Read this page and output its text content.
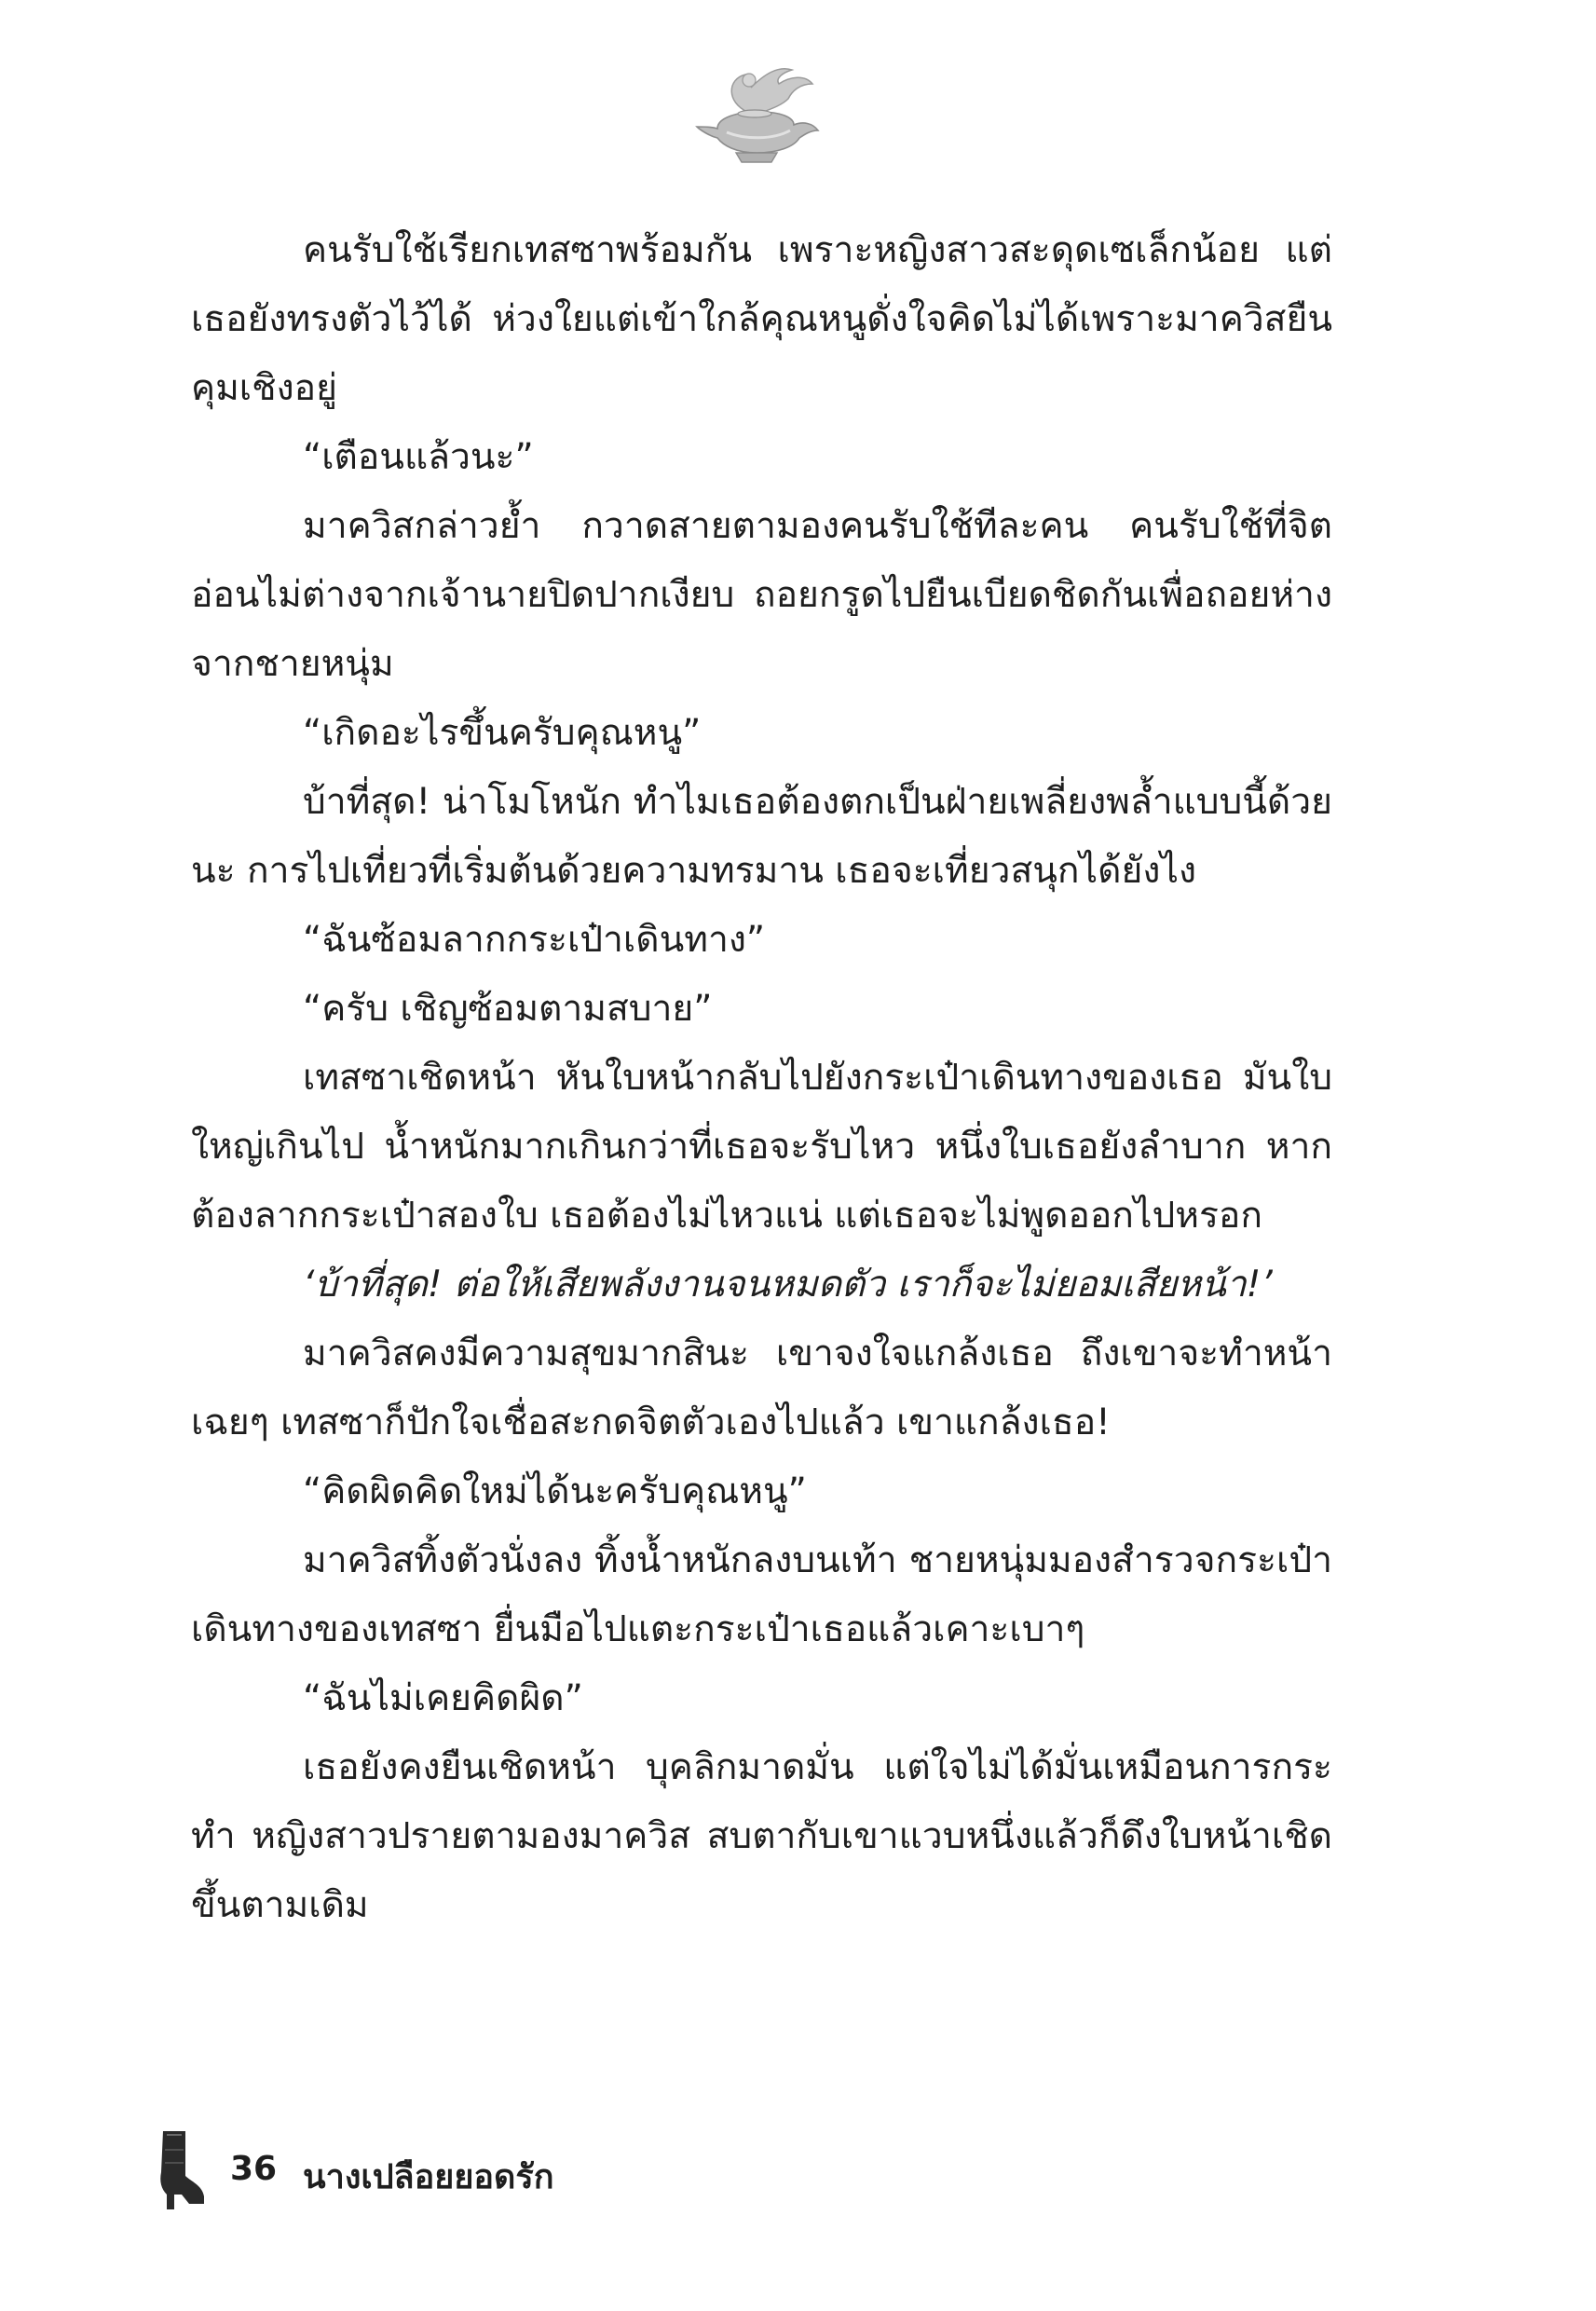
คนรับใช้เรียกเทสซาพร้อมกัน เพราะหญิงสาวสะดุดเซเล็กน้อย แต่เธอยังทรงตัวไว้ได้ ห่วงใยแต่เข้าใกล้คุณหนูดั่งใจคิดไม่ได้เพราะมาควิสยืนคุมเชิงอยู่

“เตือนแล้วนะ”

มาควิสกล่าวย้ำ กวาดสายตามองคนรับใช้ทีละคน คนรับใช้ที่จิตอ่อนไม่ต่างจากเจ้านายปิดปากเงียบ ถอยกรูดไปยืนเบียดชิดกันเพื่อถอยห่างจากชายหนุ่ม

“เกิดอะไรขึ้นครับคุณหนู”

บ้าที่สุด! น่าโมโหนัก ทำไมเธอต้องตกเป็นฝ่ายเพลี่ยงพล้ำแบบนี้ด้วยนะ การไปเที่ยวที่เริ่มต้นด้วยความทรมาน เธอจะเที่ยวสนุกได้ยังไง

“ฉันซ้อมลากกระเป๋าเดินทาง”

“ครับ เชิญซ้อมตามสบาย”

เทสซาเชิดหน้า หันใบหน้ากลับไปยังกระเป๋าเดินทางของเธอ มันใบใหญ่เกินไป น้ำหนักมากเกินกว่าที่เธอจะรับไหว หนึ่งใบเธอยังลำบาก หากต้องลากกระเป๋าสองใบ เธอต้องไม่ไหวแน่ แต่เธอจะไม่พูดออกไปหรอก

‘บ้าที่สุด! ต่อให้เสียพลังงานจนหมดตัว เราก็จะไม่ยอมเสียหน้า!’

มาควิสคงมีความสุขมากสินะ เขาจงใจแกล้งเธอ ถึงเขาจะทำหน้าเฉยๆ เทสซาก็ปักใจเชื่อสะกดจิตตัวเองไปแล้ว เขาแกล้งเธอ!

“คิดผิดคิดใหม่ได้นะครับคุณหนู”

มาควิสทิ้งตัวนั่งลง ทิ้งน้ำหนักลงบนเท้า ชายหนุ่มมองสำรวจกระเป๋าเดินทางของเทสซา ยื่นมือไปแตะกระเป๋าเธอแล้วเคาะเบาๆ

“ฉันไม่เคยคิดผิด”

เธอยังคงยืนเชิดหน้า บุคลิกมาดมั่น แต่ใจไม่ได้มั่นเหมือนการกระทำ หญิงสาวปรายตามองมาควิส สบตากับเขาแวบหนึ่งแล้วก็ดึงใบหน้าเชิดขึ้นตามเดิม

36 นางเปลือยยอดรัก
